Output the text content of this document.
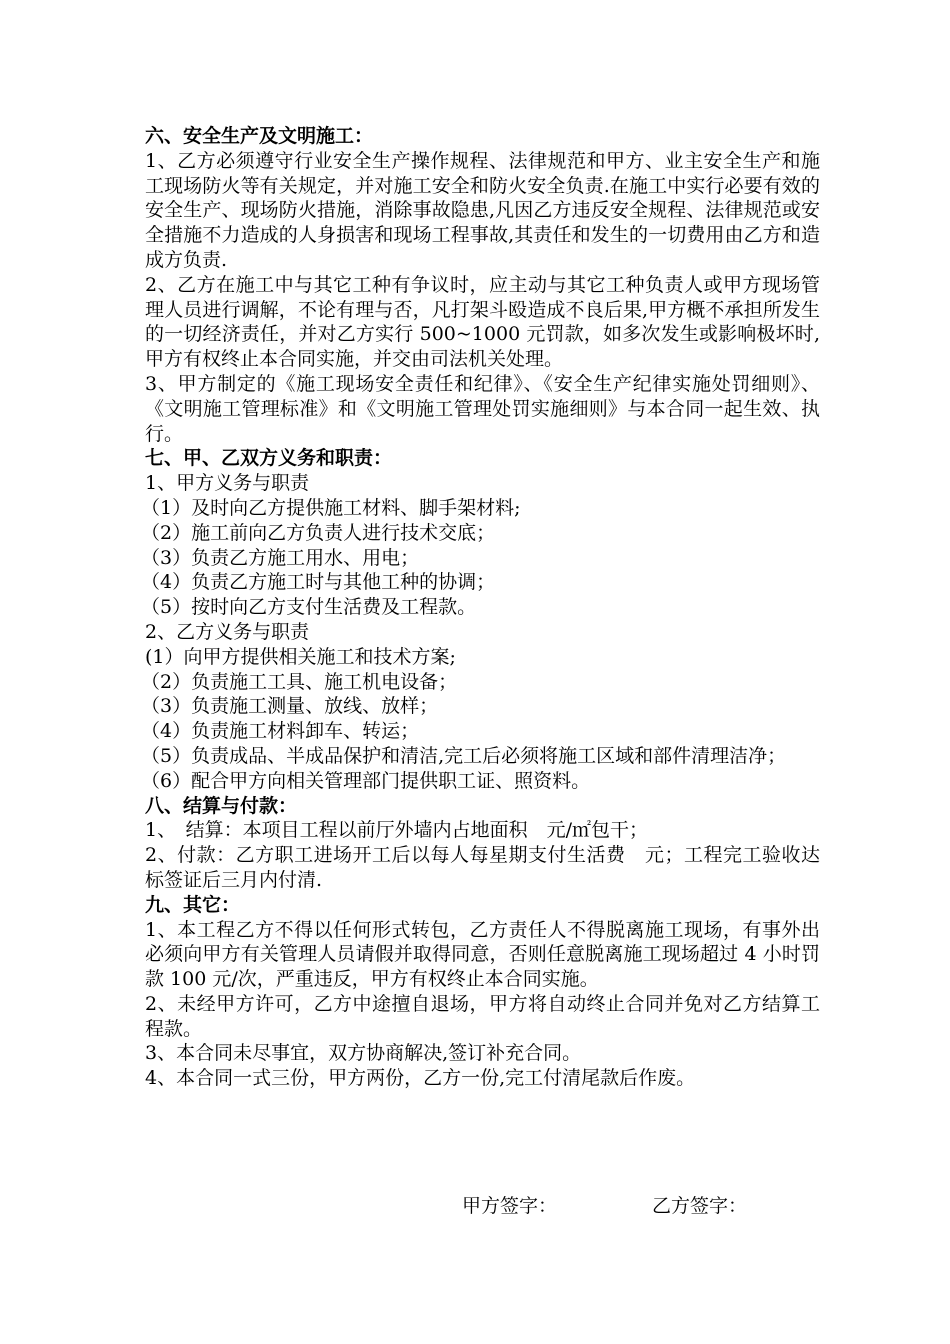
六、安全生产及文明施工：

1、乙方必须遵守行业安全生产操作规程、法律规范和甲方、业主安全生产和施工现场防火等有关规定，并对施工安全和防火安全负责.在施工中实行必要有效的安全生产、现场防火措施，消除事故隐患,凡因乙方违反安全规程、法律规范或安全措施不力造成的人身损害和现场工程事故,其责任和发生的一切费用由乙方和造成方负责.

2、乙方在施工中与其它工种有争议时，应主动与其它工种负责人或甲方现场管理人员进行调解，不论有理与否，凡打架斗殴造成不良后果,甲方概不承担所发生的一切经济责任，并对乙方实行 500~1000 元罚款，如多次发生或影响极坏时,甲方有权终止本合同实施，并交由司法机关处理。

3、甲方制定的《施工现场安全责任和纪律》、《安全生产纪律实施处罚细则》、《文明施工管理标准》和《文明施工管理处罚实施细则》与本合同一起生效、执行。

七、甲、乙双方义务和职责：

1、甲方义务与职责

（1）及时向乙方提供施工材料、脚手架材料;

（2）施工前向乙方负责人进行技术交底；

（3）负责乙方施工用水、用电；

（4）负责乙方施工时与其他工种的协调；

（5）按时向乙方支付生活费及工程款。

2、乙方义务与职责

(1）向甲方提供相关施工和技术方案;

（2）负责施工工具、施工机电设备；

（3）负责施工测量、放线、放样；

（4）负责施工材料卸车、转运；

（5）负责成品、半成品保护和清洁,完工后必须将施工区域和部件清理洁净；

（6）配合甲方向相关管理部门提供职工证、照资料。

八、结算与付款：

1、　结算：本项目工程以前厅外墙内占地面积　元/㎡包干；

2、付款：乙方职工进场开工后以每人每星期支付生活费　元；工程完工验收达标签证后三月内付清.

九、其它：

1、本工程乙方不得以任何形式转包，乙方责任人不得脱离施工现场，有事外出必须向甲方有关管理人员请假并取得同意，否则任意脱离施工现场超过 4 小时罚款 100 元/次，严重违反，甲方有权终止本合同实施。

2、未经甲方许可，乙方中途擅自退场，甲方将自动终止合同并免对乙方结算工程款。

3、本合同未尽事宜，双方协商解决,签订补充合同。

4、本合同一式三份，甲方两份，乙方一份,完工付清尾款后作废。

甲方签字：	乙方签字：
